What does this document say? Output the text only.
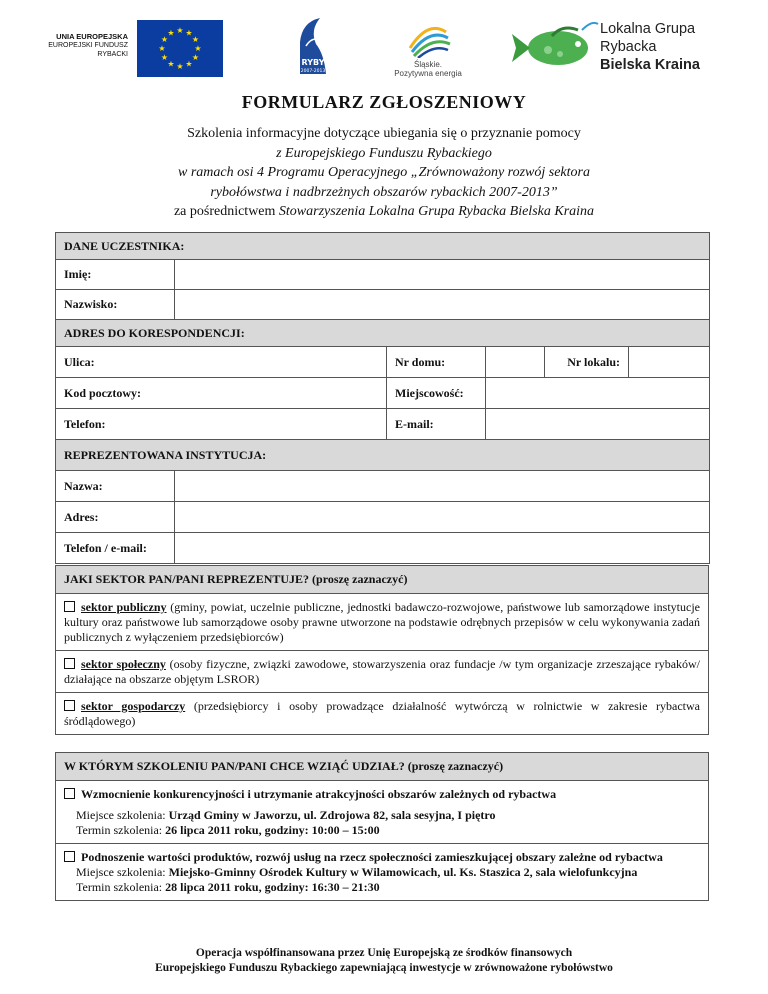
UNIA EUROPEJSKA
EUROPEJSKI FUNDUSZ
RYBACKI
★ ★
★
★
★
★
★
★
★
★
★
★
RYBY
2007-2013
Śląskie.
Pozytywna energia
Lokalna Grupa
Rybacka
Bielska Kraina
FORMULARZ ZGŁOSZENIOWY
Szkolenia informacyjne dotyczące ubiegania się o przyznanie pomocy
z Europejskiego Funduszu Rybackiego
w ramach osi 4 Programu Operacyjnego „Zrównoważony rozwój sektora
rybołówstwa i nadbrzeżnych obszarów rybackich 2007-2013”
za pośrednictwem Stowarzyszenia Lokalna Grupa Rybacka Bielska Kraina
DANE UCZESTNIKA:					
Imię:					
Nazwisko:					
ADRES DO KORESPONDENCJI:					
Ulica:		Nr domu:		Nr lokalu:	
Kod pocztowy:		Miejscowość:			
Telefon:		E-mail:			
REPREZENTOWANA INSTYTUCJA:					
Nazwa:					
Adres:					
Telefon / e-mail:					
JAKI SEKTOR PAN/PANI REPREZENTUJE? (proszę zaznaczyć)
sektor publiczny (gminy, powiat, uczelnie publiczne, jednostki badawczo-rozwojowe, państwowe lub samorządowe instytucje kultury oraz państwowe lub samorządowe osoby prawne utworzone na podstawie odrębnych przepisów w celu wykonywania zadań publicznych z wyłączeniem przedsiębiorców)
sektor społeczny (osoby fizyczne, związki zawodowe, stowarzyszenia oraz fundacje /w tym organizacje zrzeszające rybaków/ działające na obszarze objętym LSROR)
sektor gospodarczy (przedsiębiorcy i osoby prowadzące działalność wytwórczą w rolnictwie w zakresie rybactwa śródlądowego)
W KTÓRYM SZKOLENIU PAN/PANI CHCE WZIĄĆ UDZIAŁ? (proszę zaznaczyć)
Wzmocnienie konkurencyjności i utrzymanie atrakcyjności obszarów zależnych od rybactwa
Miejsce szkolenia: Urząd Gminy w Jaworzu, ul. Zdrojowa 82, sala sesyjna, I piętro
Termin szkolenia: 26 lipca 2011 roku, godziny: 10:00 – 15:00
Podnoszenie wartości produktów, rozwój usług na rzecz społeczności zamieszkującej obszary zależne od rybactwa
Miejsce szkolenia: Miejsko-Gminny Ośrodek Kultury w Wilamowicach, ul. Ks. Staszica 2, sala wielofunkcyjna
Termin szkolenia: 28 lipca 2011 roku, godziny: 16:30 – 21:30
Operacja współfinansowana przez Unię Europejską ze środków finansowych
Europejskiego Funduszu Rybackiego zapewniającą inwestycje w zrównoważone rybołówstwo
